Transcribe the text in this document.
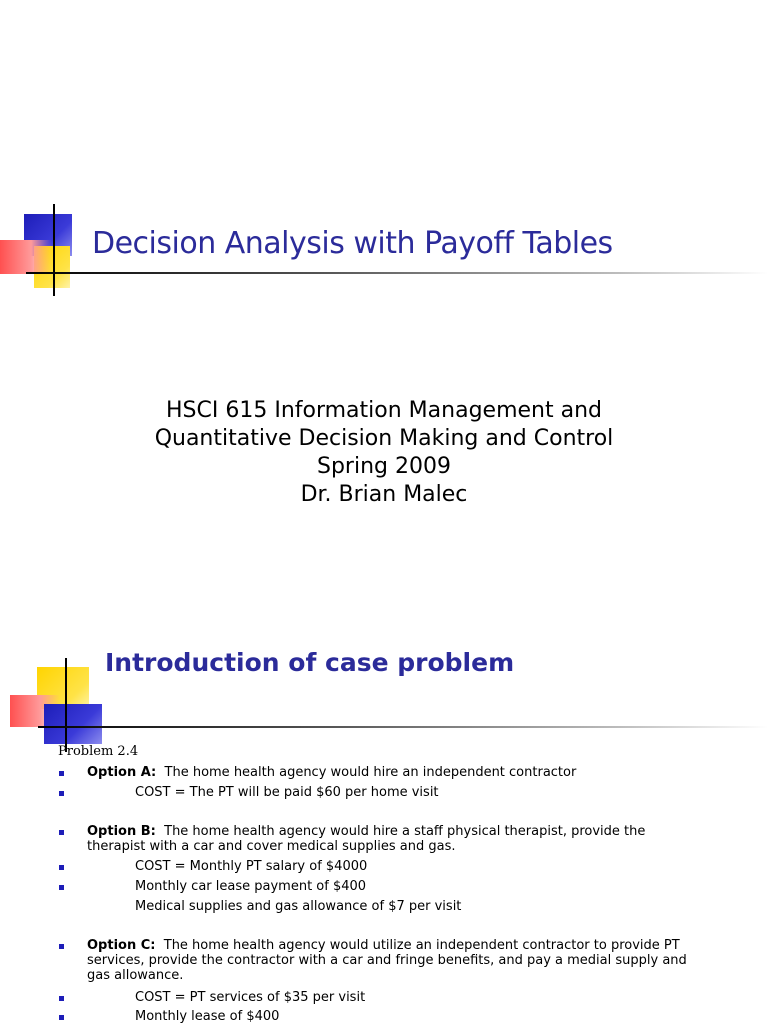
Decision Analysis with Payoff Tables
HSCI 615 Information Management and
Quantitative Decision Making and Control
Spring 2009
Dr. Brian Malec
Introduction of case problem
Problem 2.4
Option A: The home health agency would hire an independent contractor
COST = The PT will be paid $60 per home visit
Option B: The home health agency would hire a staff physical therapist, provide the therapist with a car and cover medical supplies and gas.
COST = Monthly PT salary of $4000
Monthly car lease payment of $400
Medical supplies and gas allowance of $7 per visit
Option C: The home health agency would utilize an independent contractor to provide PT services, provide the contractor with a car and fringe benefits, and pay a medial supply and gas allowance.
COST = PT services of $35 per visit
Monthly lease of $400
